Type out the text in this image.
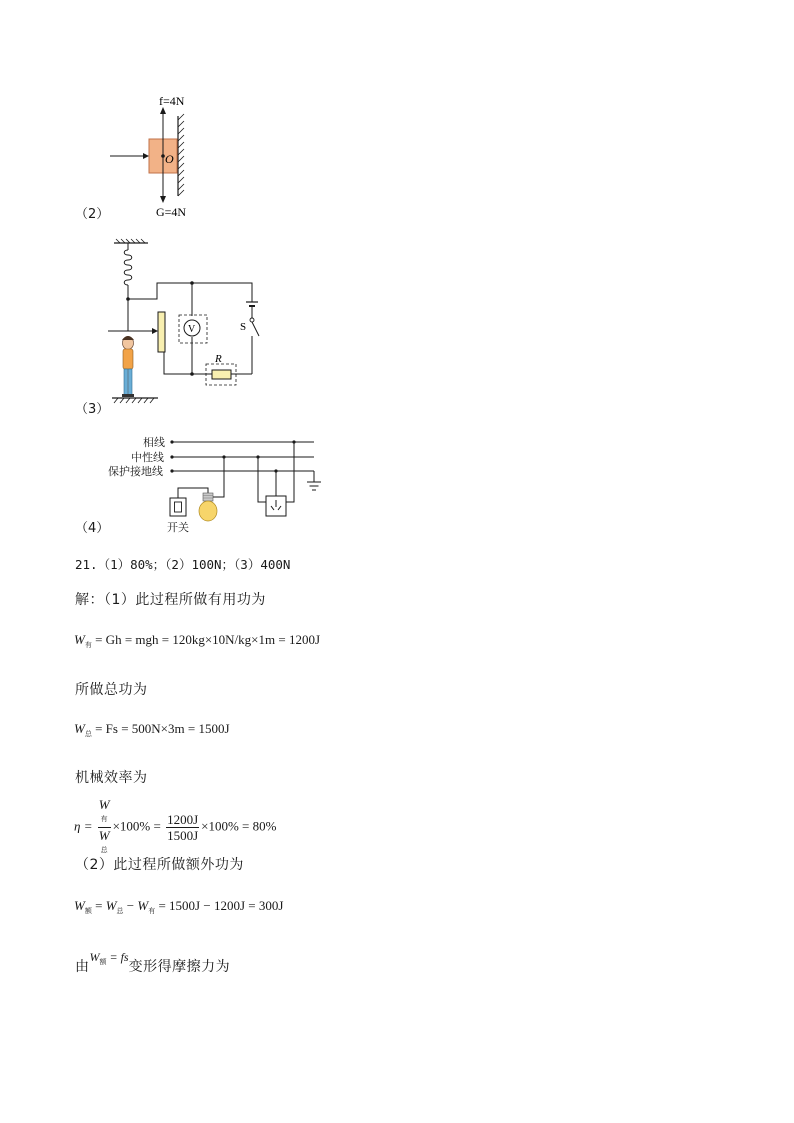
O
f=4N
G=4N
（2）
S
R
V
（3）
相线
中性线
保护接地线
开关
（4）
21.（1）80%；（2）100N；（3）400N
解：（1）此过程所做有用功为
$W_有 = Gh$ = mgh = 120kg×10N/kg×1m = 1200J
所做总功为
$W_总 = Fs = 500N\times 3m = 1500J$
机械效率为
η = W
有
W
总 $\times 100\% = \frac{1200J}{1500J} \times 100\% = 80\%$
（2）此过程所做额外功为
$W_额 = W_总 - W_有 = 1500J - 1200J = 300J$
由$^{W_额 = fs}$变形得摩擦力为
